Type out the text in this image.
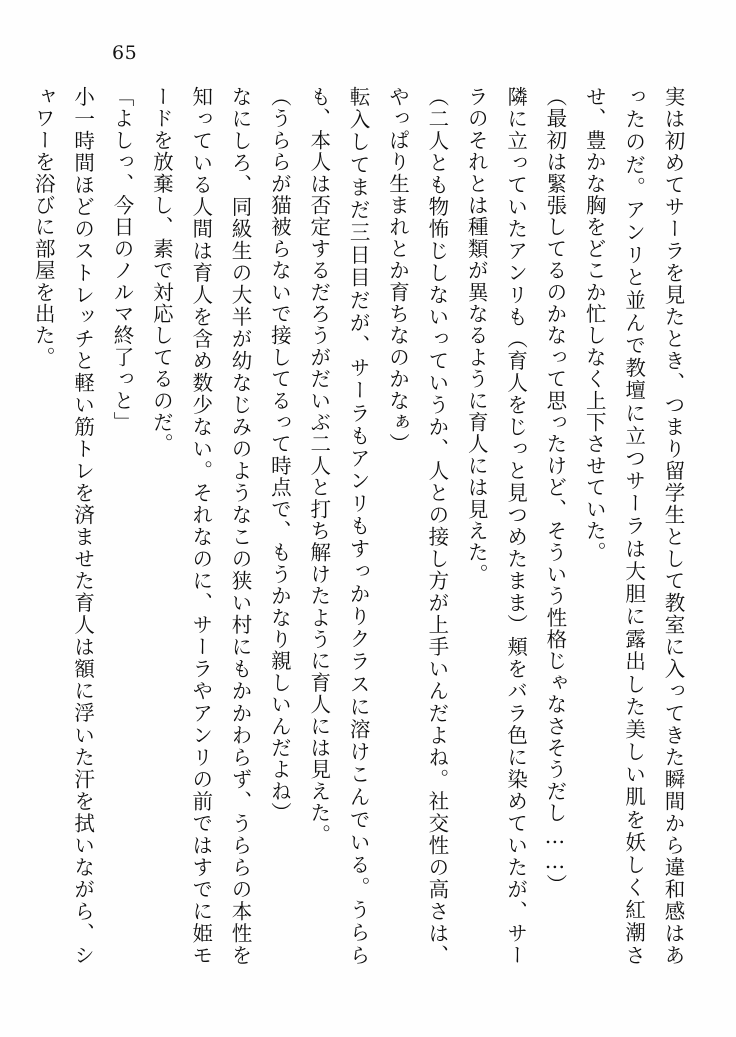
65

実は初めてサーラを見たとき、つまり留学生として教室に入ってきた瞬間から違和感はあったのだ。アンリと並んで教壇に立つサーラは大胆に露出した美しい肌を妖しく紅潮させ、豊かな胸をどこか忙しなく上下させていた。

（最初は緊張してるのかなって思ったけど、そういう性格じゃなさそうだし……）

隣に立っていたアンリも（育人をじっと見つめたまま）頬をバラ色に染めていたが、サーラのそれとは種類が異なるように育人には見えた。

（二人とも物怖じしないっていうか、人との接し方が上手いんだよね。社交性の高さは、やっぱり生まれとか育ちなのかなぁ）

転入してまだ三日目だが、サーラもアンリもすっかりクラスに溶けこんでいる。うららも、本人は否定するだろうがだいぶ二人と打ち解けたように育人には見えた。

（うららが猫被らないで接してるって時点で、もうかなり親しいんだよね）

なにしろ、同級生の大半が幼なじみのようなこの狭い村にもかかわらず、うららの本性を知っている人間は育人を含め数少ない。それなのに、サーラやアンリの前ではすでに姫モードを放棄し、素で対応してるのだ。

「よしっ、今日のノルマ終了っと」

小一時間ほどのストレッチと軽い筋トレを済ませた育人は額に浮いた汗を拭いながら、シャワーを浴びに部屋を出た。
